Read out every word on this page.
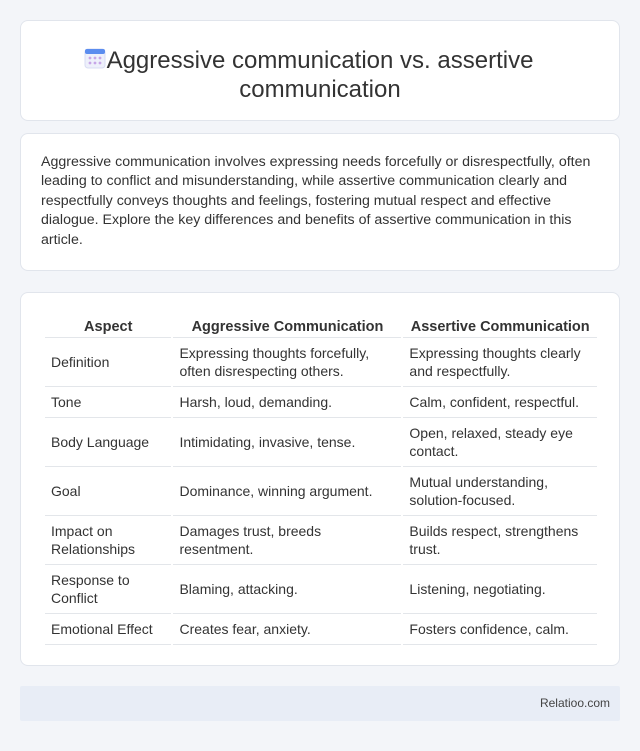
Aggressive communication vs. assertive communication

Aggressive communication involves expressing needs forcefully or disrespectfully, often leading to conflict and misunderstanding, while assertive communication clearly and respectfully conveys thoughts and feelings, fostering mutual respect and effective dialogue. Explore the key differences and benefits of assertive communication in this article.

Aspect	Aggressive Communication	Assertive Communication
Definition	Expressing thoughts forcefully, often disrespecting others.	Expressing thoughts clearly and respectfully.
Tone	Harsh, loud, demanding.	Calm, confident, respectful.
Body Language	Intimidating, invasive, tense.	Open, relaxed, steady eye contact.
Goal	Dominance, winning argument.	Mutual understanding, solution-focused.
Impact on Relationships	Damages trust, breeds resentment.	Builds respect, strengthens trust.
Response to Conflict	Blaming, attacking.	Listening, negotiating.
Emotional Effect	Creates fear, anxiety.	Fosters confidence, calm.
Relatioo.com
